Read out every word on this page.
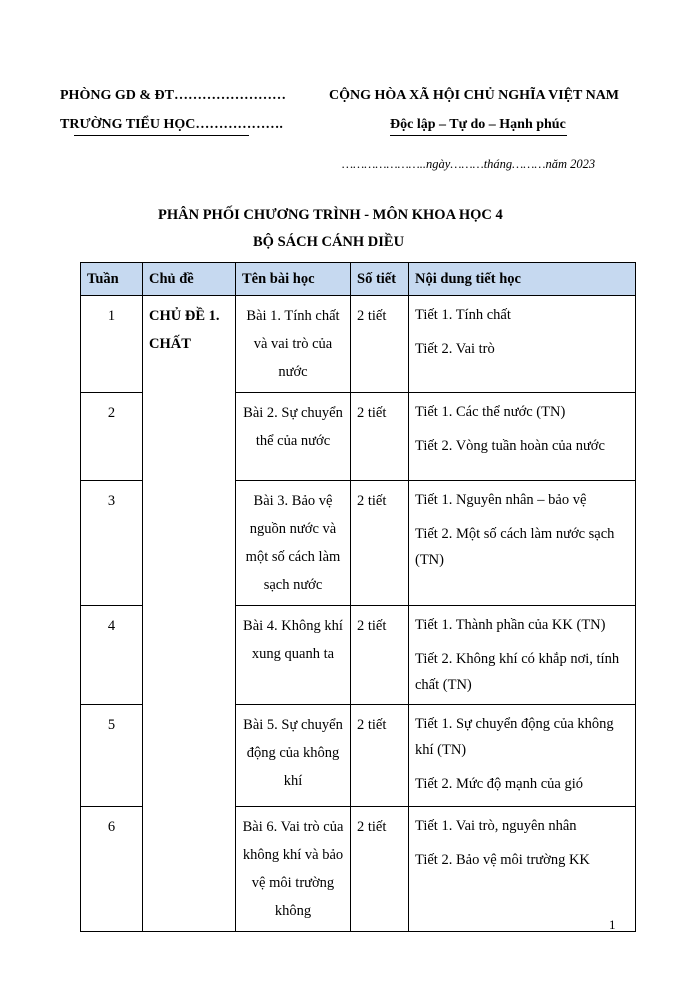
PHÒNG GD & ĐT……………………
TRƯỜNG TIỂU HỌC……………….
CỘNG HÒA XÃ HỘI CHỦ NGHĨA VIỆT NAM
Độc lập – Tự do – Hạnh phúc
…………………..ngày………tháng………năm 2023
PHÂN PHỐI CHƯƠNG TRÌNH - MÔN KHOA HỌC 4
BỘ SÁCH CÁNH DIỀU
Tuần	Chủ đề	Tên bài học	Số tiết	Nội dung tiết học
1	CHỦ ĐỀ 1. CHẤT	Bài 1. Tính chất và vai trò của nước	2 tiết	Tiết 1. Tính chất
Tiết 2. Vai trò

2		Bài 2. Sự chuyển thể của nước	2 tiết	Tiết 1. Các thể nước (TN)
Tiết 2. Vòng tuần hoàn của nước

3		Bài 3. Bảo vệ nguồn nước và một số cách làm sạch nước	2 tiết	Tiết 1. Nguyên nhân – bảo vệ
Tiết 2. Một số cách làm nước sạch (TN)

4		Bài 4. Không khí xung quanh ta	2 tiết	Tiết 1. Thành phần của KK (TN)
Tiết 2. Không khí có khắp nơi, tính chất (TN)

5		Bài 5. Sự chuyển động của không khí	2 tiết	Tiết 1. Sự chuyển động của không khí (TN)
Tiết 2. Mức độ mạnh của gió

6		Bài 6. Vai trò của không khí và bảo vệ môi trường không	2 tiết	Tiết 1. Vai trò, nguyên nhân
Tiết 2. Bảo vệ môi trường KK
1
